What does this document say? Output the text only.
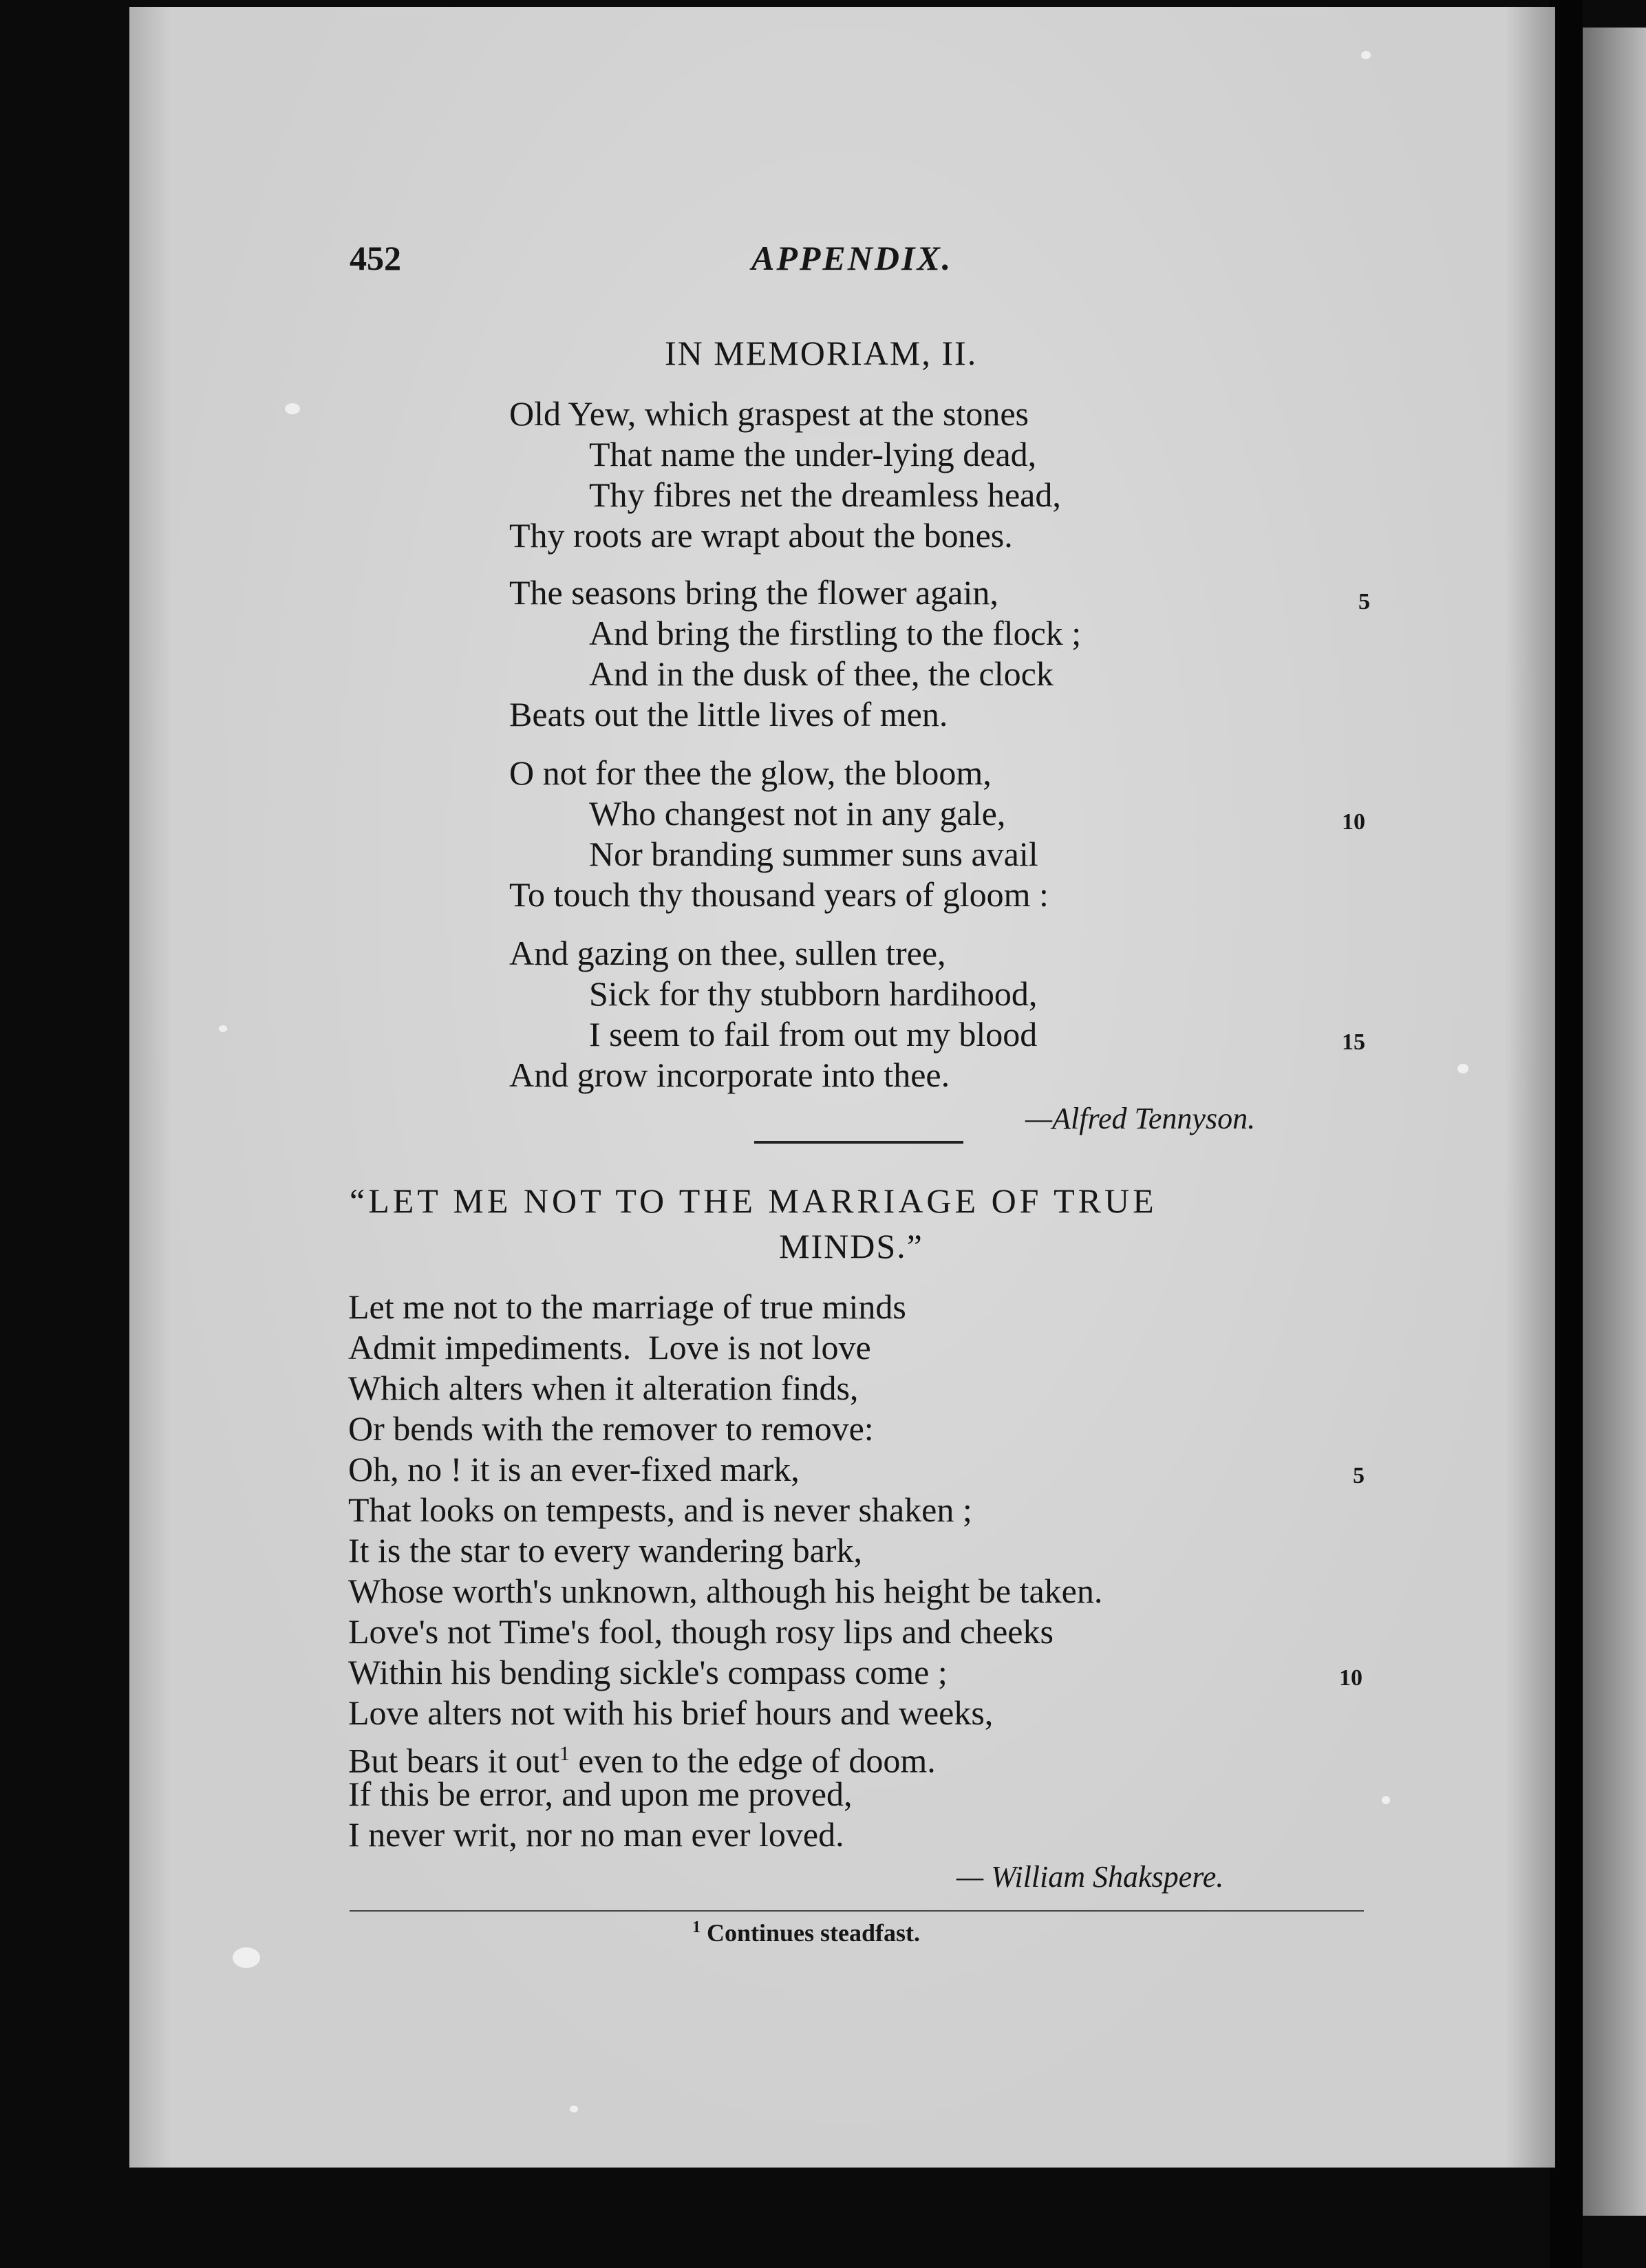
452	APPENDIX.
IN MEMORIAM, II.
Old Yew, which graspest at the stones
That name the under-lying dead,
Thy fibres net the dreamless head,
Thy roots are wrapt about the bones.
The seasons bring the flower again,
And bring the firstling to the flock ;
And in the dusk of thee, the clock
Beats out the little lives of men.
O not for thee the glow, the bloom,
Who changest not in any gale,
Nor branding summer suns avail
To touch thy thousand years of gloom :
And gazing on thee, sullen tree,
Sick for thy stubborn hardihood,
I seem to fail from out my blood
And grow incorporate into thee.
5
10
15
—Alfred Tennyson.
“LET ME NOT TO THE MARRIAGE OF TRUE
MINDS.”
Let me not to the marriage of true minds
Admit impediments.  Love is not love
Which alters when it alteration finds,
Or bends with the remover to remove:
Oh, no ! it is an ever-fixed mark,
That looks on tempests, and is never shaken ;
It is the star to every wandering bark,
Whose worth's unknown, although his height be taken.
Love's not Time's fool, though rosy lips and cheeks
Within his bending sickle's compass come ;
Love alters not with his brief hours and weeks,
But bears it out$^1$ even to the edge of doom.
If this be error, and upon me proved,
I never writ, nor no man ever loved.
5
10
— William Shakspere.
$^1$ Continues steadfast.
